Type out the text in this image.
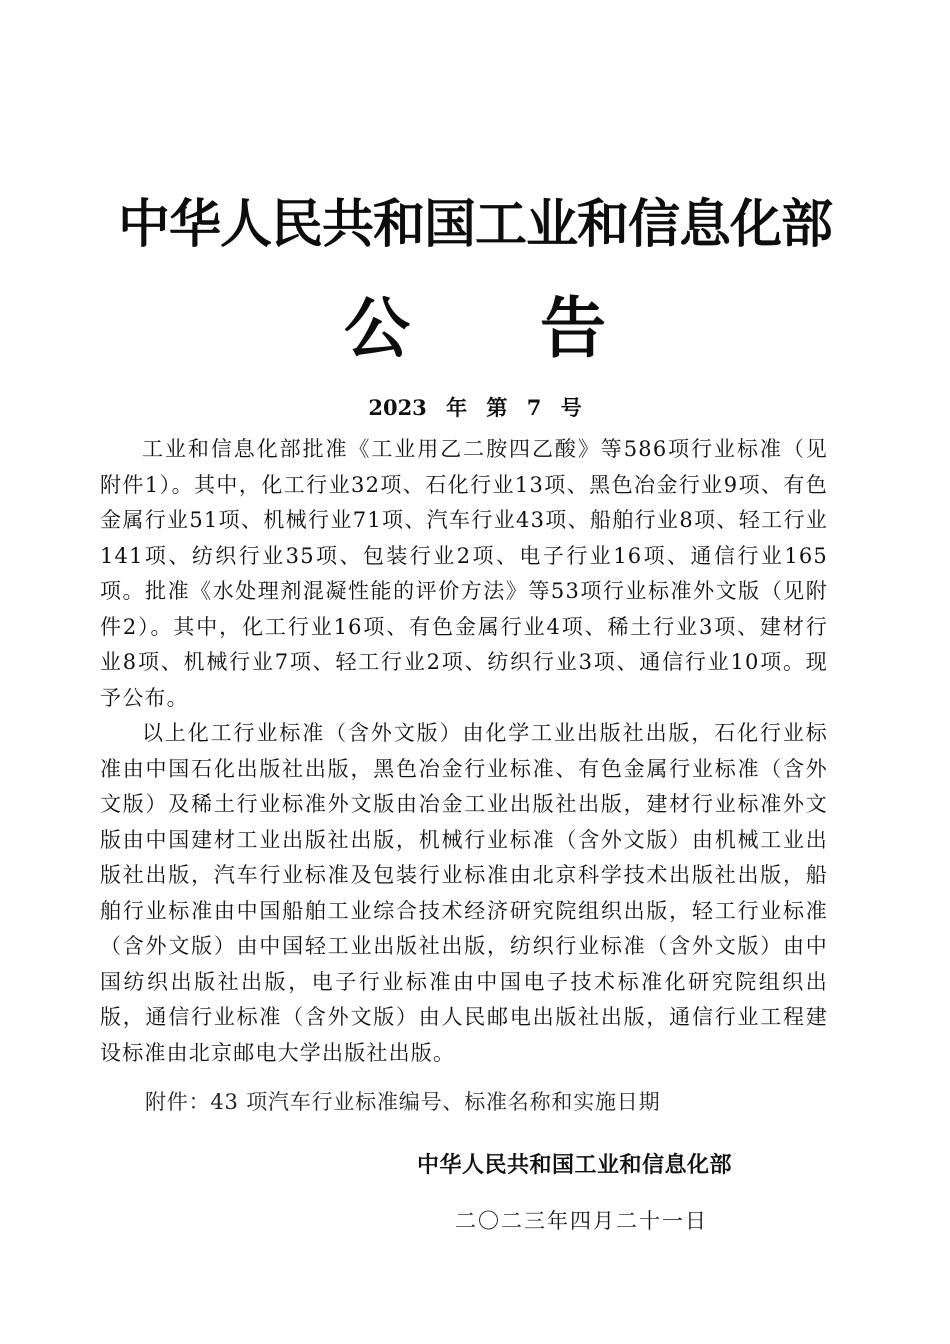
中华人民共和国工业和信息化部
公告
2023 年 第 7 号

工业和信息化部批准《工业用乙二胺四乙酸》等586项行业标准（见附件1）。其中，化工行业32项、石化行业13项、黑色冶金行业9项、有色金属行业51项、机械行业71项、汽车行业43项、船舶行业8项、轻工行业141项、纺织行业35项、包装行业2项、电子行业16项、通信行业165项。批准《水处理剂混凝性能的评价方法》等53项行业标准外文版（见附件2）。其中，化工行业16项、有色金属行业4项、稀土行业3项、建材行业8项、机械行业7项、轻工行业2项、纺织行业3项、通信行业10项。现予公布。

以上化工行业标准（含外文版）由化学工业出版社出版，石化行业标准由中国石化出版社出版，黑色冶金行业标准、有色金属行业标准（含外文版）及稀土行业标准外文版由冶金工业出版社出版，建材行业标准外文版由中国建材工业出版社出版，机械行业标准（含外文版）由机械工业出版社出版，汽车行业标准及包装行业标准由北京科学技术出版社出版，船舶行业标准由中国船舶工业综合技术经济研究院组织出版，轻工行业标准（含外文版）由中国轻工业出版社出版，纺织行业标准（含外文版）由中国纺织出版社出版，电子行业标准由中国电子技术标准化研究院组织出版，通信行业标准（含外文版）由人民邮电出版社出版，通信行业工程建设标准由北京邮电大学出版社出版。

附件：43 项汽车行业标准编号、标准名称和实施日期
中华人民共和国工业和信息化部
二〇二三年四月二十一日
